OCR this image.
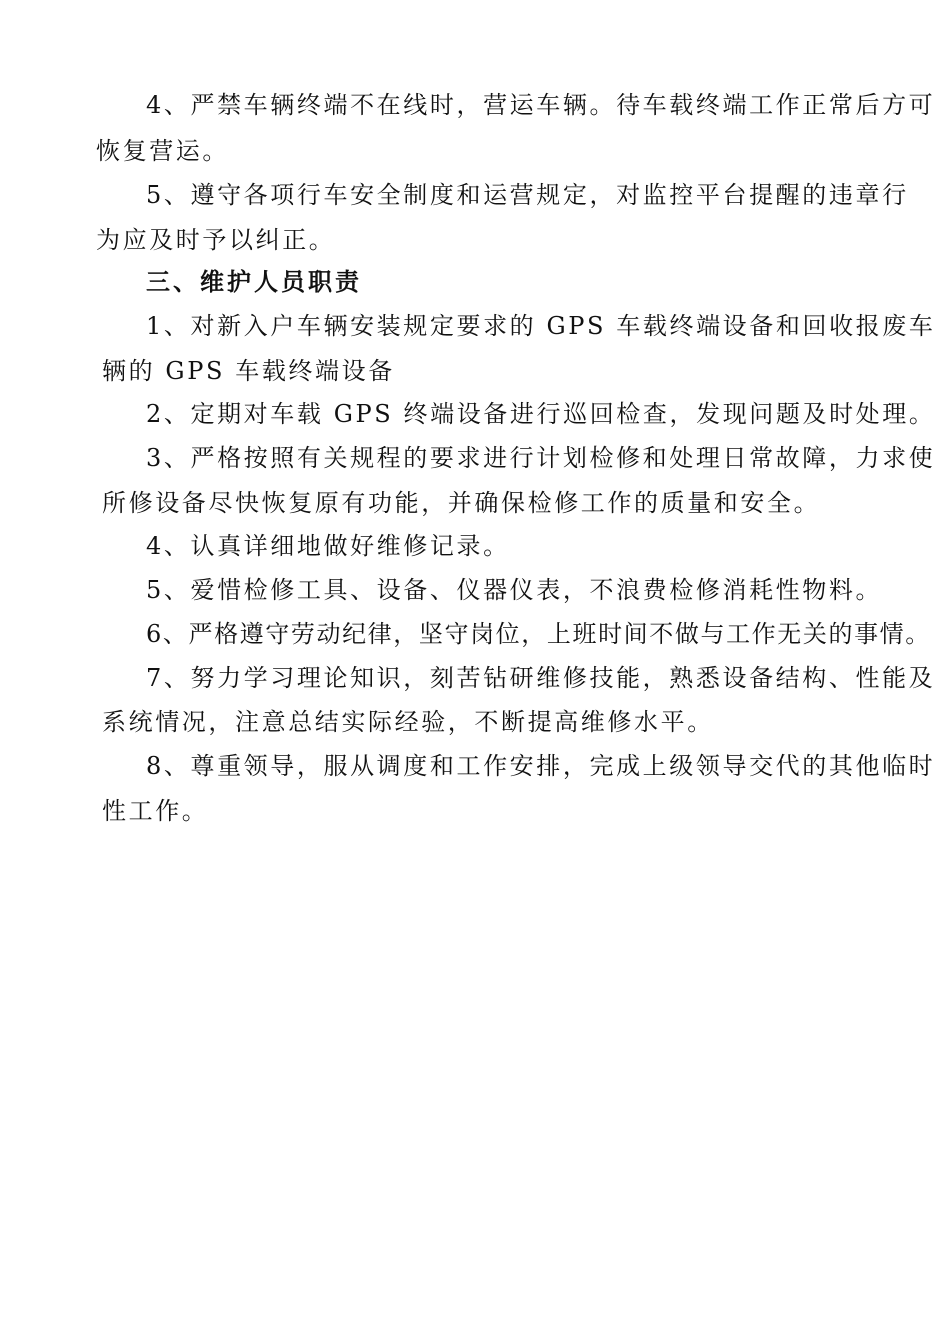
4、严禁车辆终端不在线时，营运车辆。待车载终端工作正常后方可
恢复营运。
5、遵守各项行车安全制度和运营规定，对监控平台提醒的违章行
为应及时予以纠正。
三、维护人员职责
1、对新入户车辆安装规定要求的 GPS 车载终端设备和回收报废车
辆的 GPS 车载终端设备
2、定期对车载 GPS 终端设备进行巡回检查，发现问题及时处理。
3、严格按照有关规程的要求进行计划检修和处理日常故障，力求使
所修设备尽快恢复原有功能，并确保检修工作的质量和安全。
4、认真详细地做好维修记录。
5、爱惜检修工具、设备、仪器仪表，不浪费检修消耗性物料。
6、严格遵守劳动纪律，坚守岗位，上班时间不做与工作无关的事情。
7、努力学习理论知识，刻苦钻研维修技能，熟悉设备结构、性能及
系统情况，注意总结实际经验，不断提高维修水平。
8、尊重领导，服从调度和工作安排，完成上级领导交代的其他临时
性工作。
